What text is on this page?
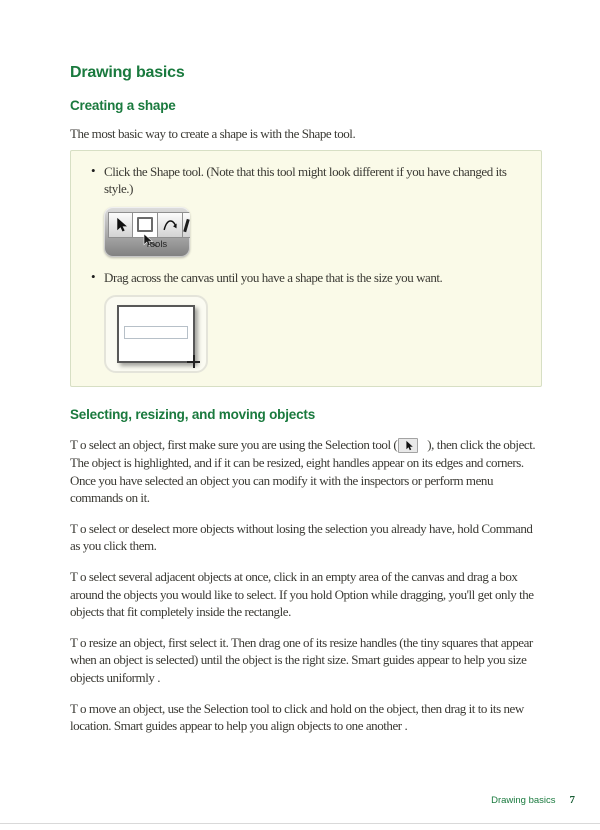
Drawing basics
Creating a shape

The most basic way to create a shape is with the Shape tool.

• Click the Shape tool. (Note that this tool might look different if you have changed its style.)
Tools
• Drag across the canvas until you have a shape that is the size you want.
Selecting, resizing, and moving objects

T o select an object, first make sure you are using the Selection tool ( ), then click the object. The object is highlighted, and if it can be resized, eight handles appear on its edges and corners. Once you have selected an object you can modify it with the inspectors or perform menu commands on it.

T o select or deselect more objects without losing the selection you already have, hold Command as you click them.

T o select several adjacent objects at once, click in an empty area of the canvas and drag a box around the objects you would like to select. If you hold Option while dragging, you'll get only the objects that fit completely inside the rectangle.

T o resize an object, first select it. Then drag one of its resize handles (the tiny squares that appear when an object is selected) until the object is the right size. Smart guides appear to help you size objects uniformly .

T o move an object, use the Selection tool to click and hold on the object, then drag it to its new location. Smart guides appear to help you align objects to one another .

Drawing basics 7
